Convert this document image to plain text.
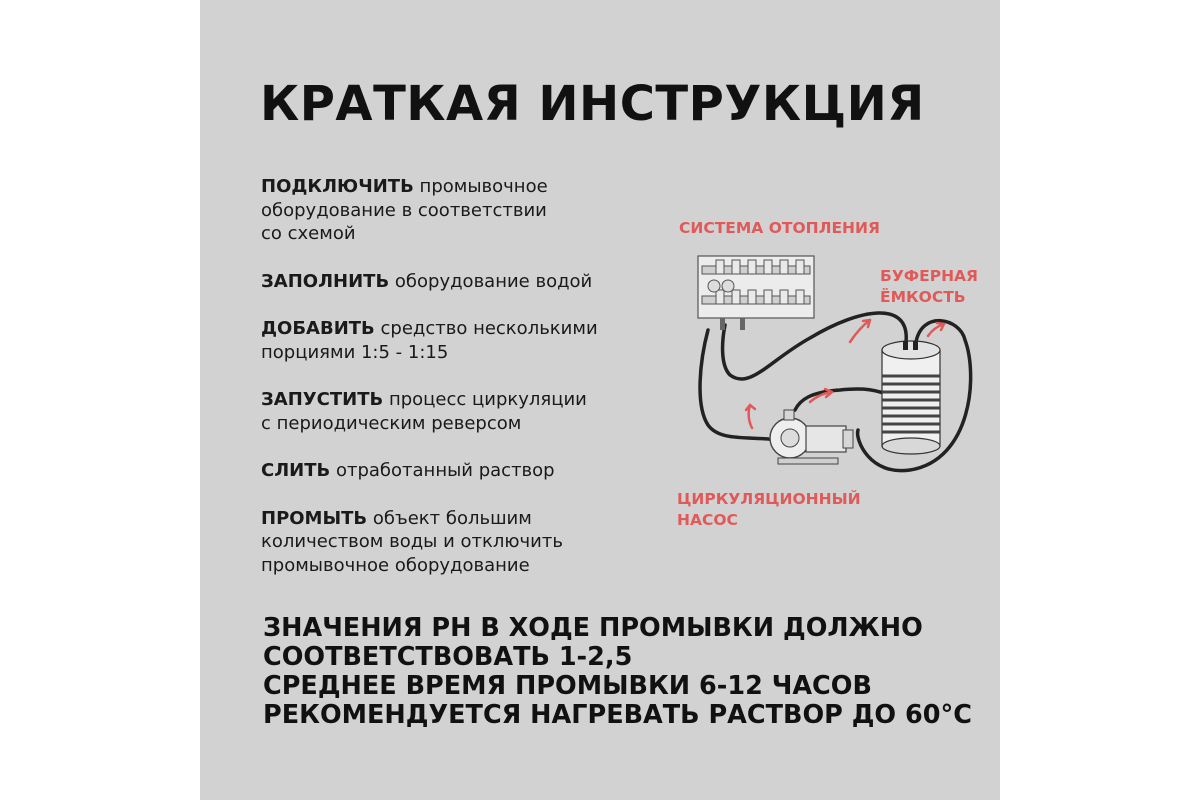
КРАТКАЯ ИНСТРУКЦИЯ

ПОДКЛЮЧИТЬ промывочное
оборудование в соответствии
со схемой

ЗАПОЛНИТЬ оборудование водой

ДОБАВИТЬ средство несколькими
порциями 1:5 - 1:15

ЗАПУСТИТЬ процесс циркуляции
с периодическим реверсом

СЛИТЬ отработанный раствор

ПРОМЫТЬ объект большим
количеством воды и отключить
промывочное оборудование

СИСТЕМА ОТОПЛЕНИЯ
БУФЕРНАЯ
ЁМКОСТЬ
ЦИРКУЛЯЦИОННЫЙ
НАСОС
ЗНАЧЕНИЯ PH В ХОДЕ ПРОМЫВКИ ДОЛЖНО
СООТВЕТСТВОВАТЬ 1-2,5
СРЕДНЕЕ ВРЕМЯ ПРОМЫВКИ 6-12 ЧАСОВ
РЕКОМЕНДУЕТСЯ НАГРЕВАТЬ РАСТВОР ДО 60°С
